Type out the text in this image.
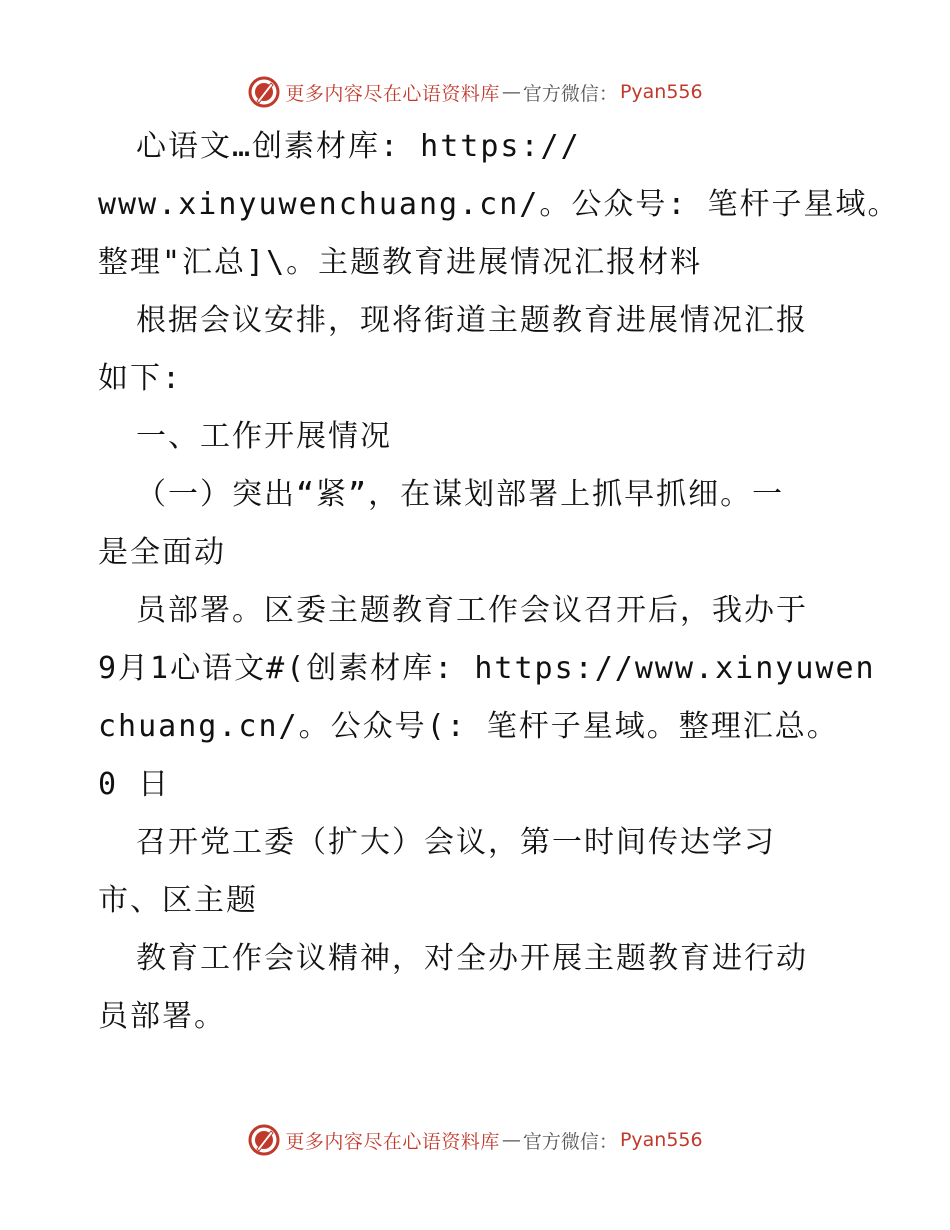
更多内容尽在心语资料库 — 官方微信： Pyan556
心语文…创素材库: https://
www.xinyuwenchuang.cn/。公众号: 笔杆子星域。
整理"汇总]\。主题教育进展情况汇报材料
根据会议安排，现将街道主题教育进展情况汇报
如下:
一、工作开展情况
（一）突出“紧”，在谋划部署上抓早抓细。一
是全面动
员部署。区委主题教育工作会议召开后，我办于
9月1心语文#(创素材库: https://www.xinyuwen
chuang.cn/。公众号(: 笔杆子星域。整理汇总。
0 日
召开党工委（扩大）会议，第一时间传达学习
市、区主题
教育工作会议精神，对全办开展主题教育进行动
员部署。
更多内容尽在心语资料库 — 官方微信： Pyan556
